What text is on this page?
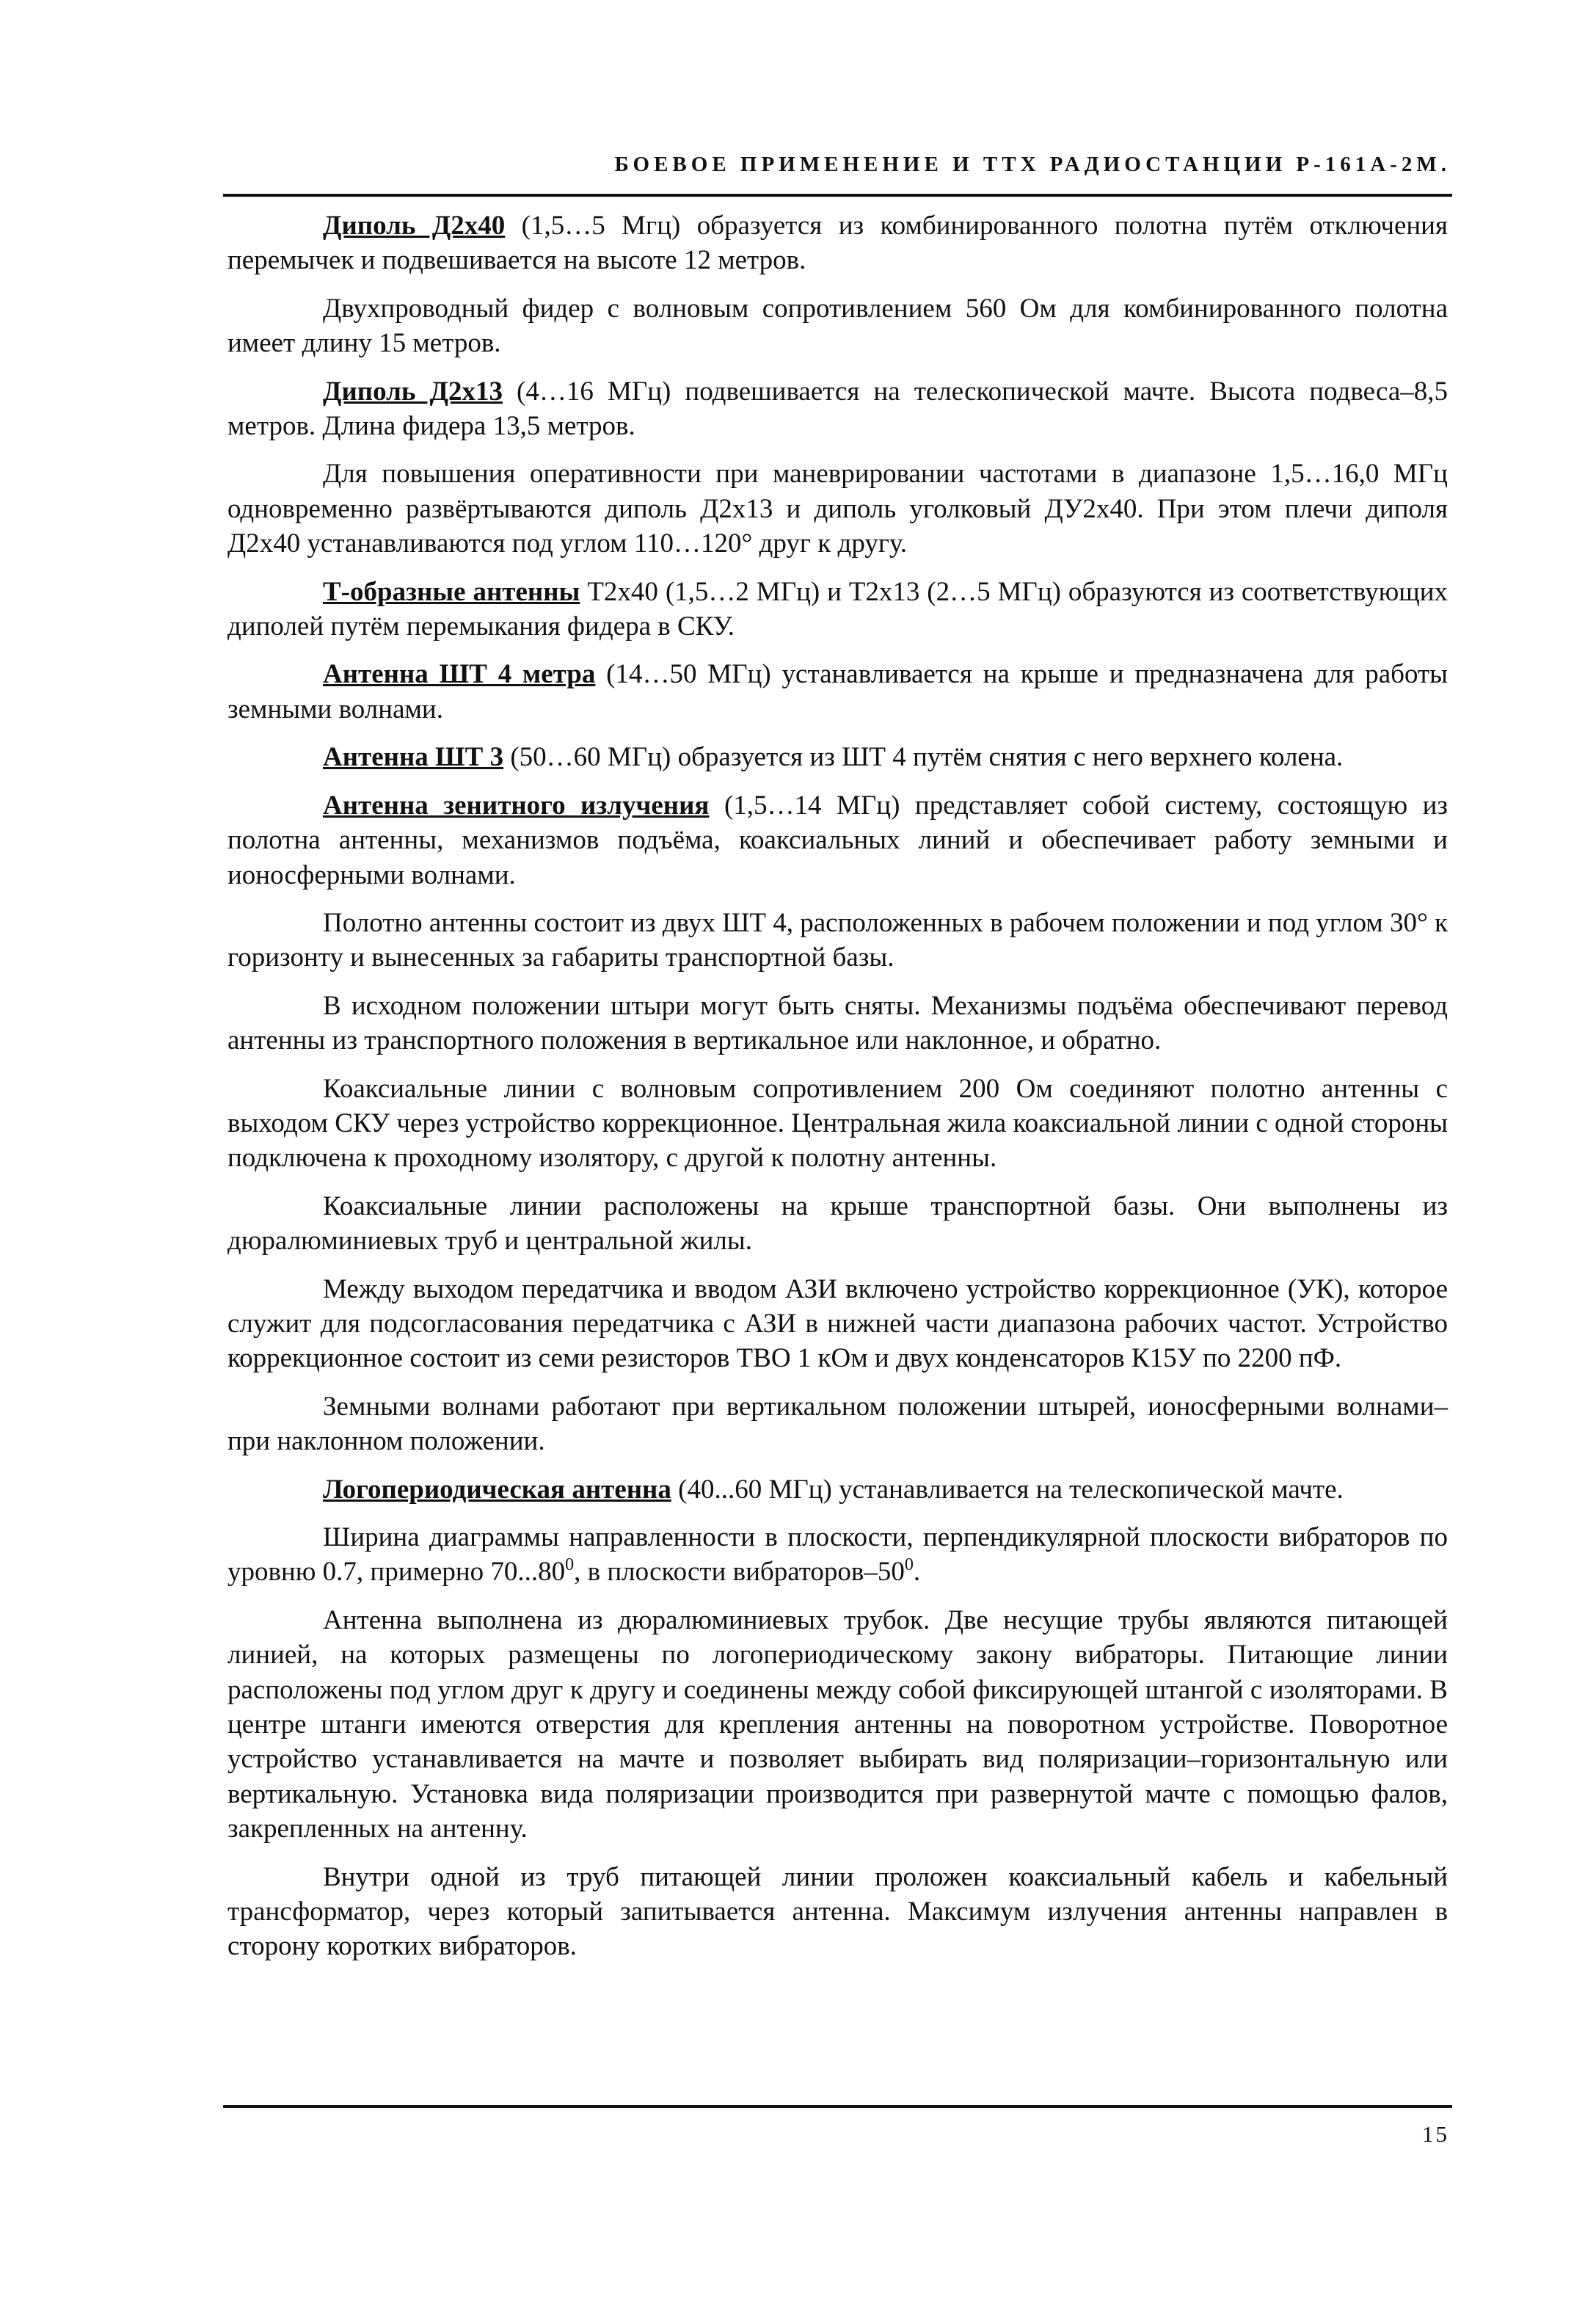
БОЕВОЕ ПРИМЕНЕНИЕ И ТТХ РАДИОСТАНЦИИ Р-161А-2М.

Диполь Д2х40 (1,5…5 Мгц) образуется из комбинированного полотна путём отключения перемычек и подвешивается на высоте 12 метров.

Двухпроводный фидер с волновым сопротивлением 560 Ом для комбинированного полотна имеет длину 15 метров.

Диполь Д2х13 (4…16 МГц) подвешивается на телескопической мачте. Высота подвеса–8,5 метров. Длина фидера 13,5 метров.

Для повышения оперативности при маневрировании частотами в диапазоне 1,5…16,0 МГц одновременно развёртываются диполь Д2х13 и диполь уголковый ДУ2х40. При этом плечи диполя Д2х40 устанавливаются под углом 110…120° друг к другу.

Т-образные антенны Т2х40 (1,5…2 МГц) и Т2х13 (2…5 МГц) образуются из соответствующих диполей путём перемыкания фидера в СКУ.

Антенна ШТ 4 метра (14…50 МГц) устанавливается на крыше и предназначена для работы земными волнами.

Антенна ШТ 3 (50…60 МГц) образуется из ШТ 4 путём снятия с него верхнего колена.

Антенна зенитного излучения (1,5…14 МГц) представляет собой систему, состоящую из полотна антенны, механизмов подъёма, коаксиальных линий и обеспечивает работу земными и ионосферными волнами.

Полотно антенны состоит из двух ШТ 4, расположенных в рабочем положении и под углом 30° к горизонту и вынесенных за габариты транспортной базы.

В исходном положении штыри могут быть сняты. Механизмы подъёма обеспечивают перевод антенны из транспортного положения в вертикальное или наклонное, и обратно.

Коаксиальные линии с волновым сопротивлением 200 Ом соединяют полотно антенны с выходом СКУ через устройство коррекционное. Центральная жила коаксиальной линии с одной стороны подключена к проходному изолятору, с другой к полотну антенны.

Коаксиальные линии расположены на крыше транспортной базы. Они выполнены из дюралюминиевых труб и центральной жилы.

Между выходом передатчика и вводом АЗИ включено устройство коррекционное (УК), которое служит для подсогласования передатчика с АЗИ в нижней части диапазона рабочих частот. Устройство коррекционное состоит из семи резисторов ТВО 1 кОм и двух конденсаторов К15У по 2200 пФ.

Земными волнами работают при вертикальном положении штырей, ионосферными волнами–при наклонном положении.

Логопериодическая антенна (40...60 МГц) устанавливается на телескопической мачте.

Ширина диаграммы направленности в плоскости, перпендикулярной плоскости вибраторов по уровню 0.7, примерно 70...80$^0$, в плоскости вибраторов–$50^0$.

Антенна выполнена из дюралюминиевых трубок. Две несущие трубы являются питающей линией, на которых размещены по логопериодическому закону вибраторы. Питающие линии расположены под углом друг к другу и соединены между собой фиксирующей штангой с изоляторами. В центре штанги имеются отверстия для крепления антенны на поворотном устройстве. Поворотное устройство устанавливается на мачте и позволяет выбирать вид поляризации–горизонтальную или вертикальную. Установка вида поляризации производится при развернутой мачте с помощью фалов, закрепленных на антенну.

Внутри одной из труб питающей линии проложен коаксиальный кабель и кабельный трансформатор, через который запитывается антенна. Максимум излучения антенны направлен в сторону коротких вибраторов.

15
